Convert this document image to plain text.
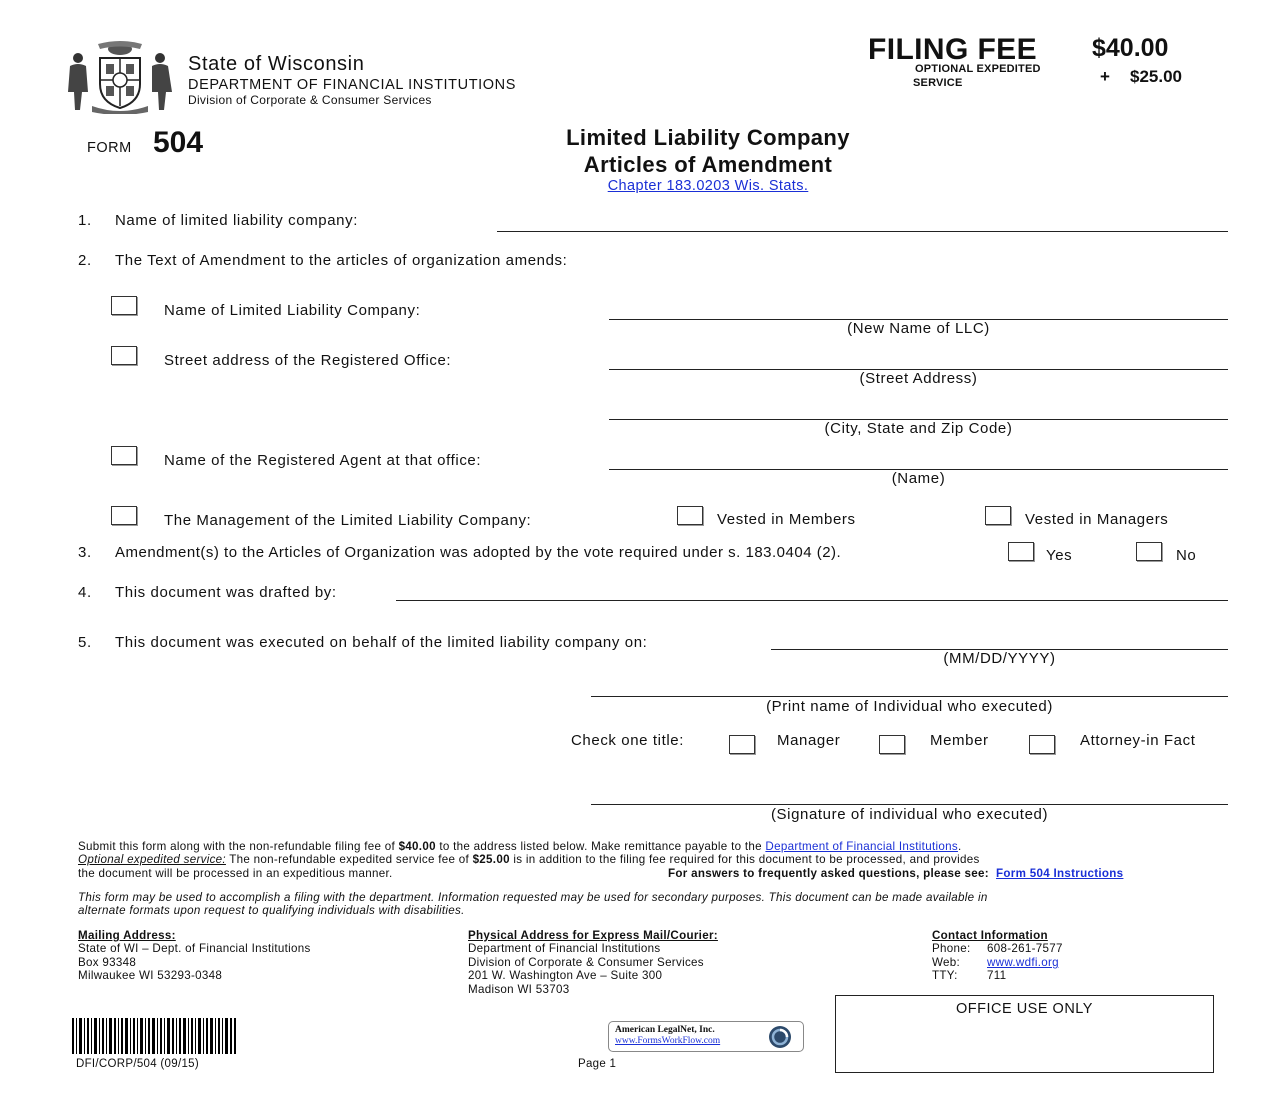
State of Wisconsin
DEPARTMENT OF FINANCIAL INSTITUTIONS
Division of Corporate & Consumer Services
FILING FEE $40.00
OPTIONAL EXPEDITED
SERVICE	+ $25.00
FORM 504	Limited Liability Company
Articles of Amendment
Chapter 183.0203 Wis. Stats.
1. Name of limited liability company:
2. The Text of Amendment to the articles of organization amends:
Name of Limited Liability Company:
(New Name of LLC)
Street address of the Registered Office:
(Street Address)
(City, State and Zip Code)
Name of the Registered Agent at that office:
(Name)
The Management of the Limited Liability Company:	Vested in Members	Vested in Managers
3. Amendment(s) to the Articles of Organization was adopted by the vote required under s. 183.0404 (2).	Yes	No
4. This document was drafted by:
5. This document was executed on behalf of the limited liability company on:
(MM/DD/YYYY)
(Print name of Individual who executed)
Check one title:	Manager	Member	Attorney-in Fact
(Signature of individual who executed)
Submit this form along with the non-refundable filing fee of $40.00 to the address listed below. Make remittance payable to the Department of Financial Institutions.
Optional expedited service: The non-refundable expedited service fee of $25.00 is in addition to the filing fee required for this document to be processed, and provides
the document will be processed in an expeditious manner.	For answers to frequently asked questions, please see: Form 504 Instructions
This form may be used to accomplish a filing with the department. Information requested may be used for secondary purposes. This document can be made available in
alternate formats upon request to qualifying individuals with disabilities.
Mailing Address:
State of WI – Dept. of Financial Institutions
Box 93348
Milwaukee WI 53293-0348
Physical Address for Express Mail/Courier:
Department of Financial Institutions
Division of Corporate & Consumer Services
201 W. Washington Ave – Suite 300
Madison WI 53703
Contact Information
Phone: 608-261-7577
Web: www.wdfi.org
TTY:	711
OFFICE USE ONLY
DFI/CORP/504 (09/15)
American LegalNet, Inc.
www.FormsWorkFlow.com
Page 1
